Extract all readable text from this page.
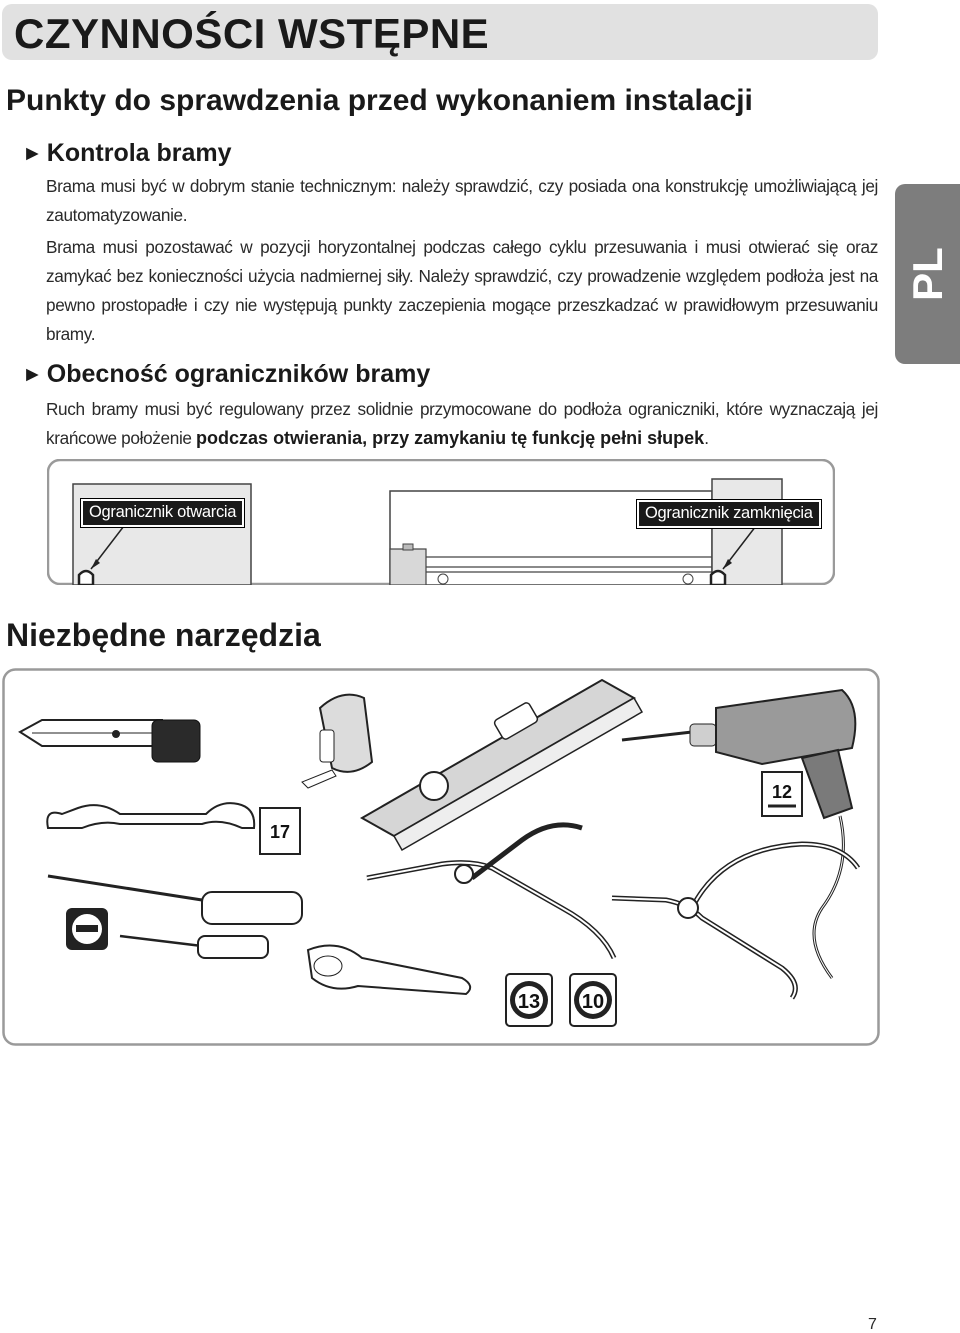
CZYNNOŚCI WSTĘPNE
Punkty do sprawdzenia przed wykonaniem instalacji
PL
► Kontrola bramy
Brama musi być w dobrym stanie technicznym: należy sprawdzić, czy posiada ona konstrukcję umożliwiającą jej zautomatyzowanie.
Brama musi pozostawać w pozycji horyzontalnej podczas całego cyklu przesuwania i musi otwierać się oraz zamykać bez konieczności użycia nadmiernej siły. Należy sprawdzić, czy prowadzenie względem podłoża jest na pewno prostopadłe i czy nie występują punkty zaczepienia mogące przeszkadzać w prawidłowym przesuwaniu bramy.
► Obecność ograniczników bramy
Ruch bramy musi być regulowany przez solidnie przymocowane do podłoża ograniczniki, które wyznaczają jej krańcowe położenie podczas otwierania, przy zamykaniu tę funkcję pełni słupek.
Ogranicznik otwarcia	Ogranicznik zamknięcia
Niezbędne narzędzia
12
17
13 10
7
